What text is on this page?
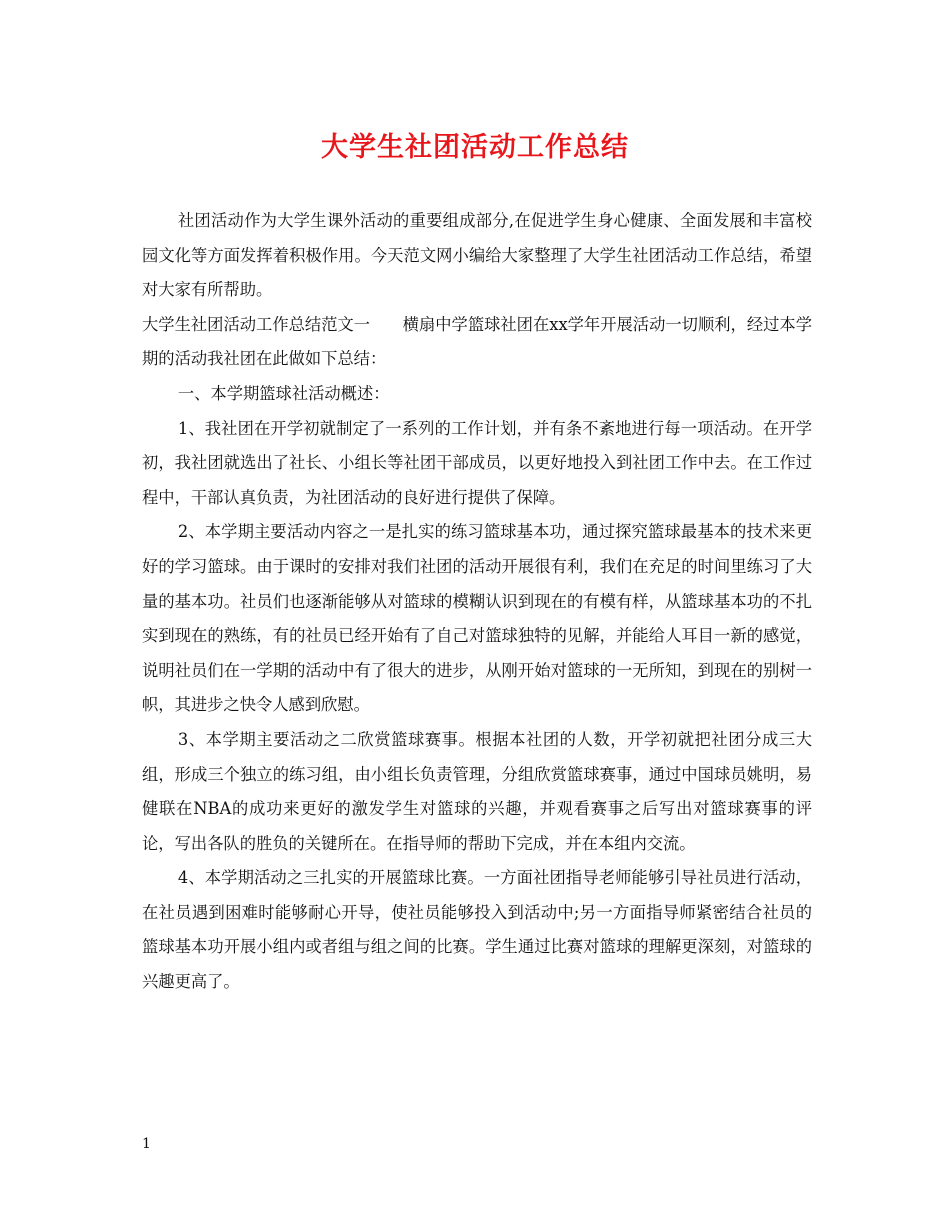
大学生社团活动工作总结

社团活动作为大学生课外活动的重要组成部分,在促进学生身心健康、全面发展和丰富校园文化等方面发挥着积极作用。今天范文网小编给大家整理了大学生社团活动工作总结，希望对大家有所帮助。

大学生社团活动工作总结范文一　　横扇中学篮球社团在xx学年开展活动一切顺利，经过本学期的活动我社团在此做如下总结：

一、本学期篮球社活动概述：

1、我社团在开学初就制定了一系列的工作计划，并有条不紊地进行每一项活动。在开学初，我社团就选出了社长、小组长等社团干部成员，以更好地投入到社团工作中去。在工作过程中，干部认真负责，为社团活动的良好进行提供了保障。

2、本学期主要活动内容之一是扎实的练习篮球基本功，通过探究篮球最基本的技术来更好的学习篮球。由于课时的安排对我们社团的活动开展很有利，我们在充足的时间里练习了大量的基本功。社员们也逐渐能够从对篮球的模糊认识到现在的有模有样，从篮球基本功的不扎实到现在的熟练，有的社员已经开始有了自己对篮球独特的见解，并能给人耳目一新的感觉，说明社员们在一学期的活动中有了很大的进步，从刚开始对篮球的一无所知，到现在的别树一帜，其进步之快令人感到欣慰。

3、本学期主要活动之二欣赏篮球赛事。根据本社团的人数，开学初就把社团分成三大组，形成三个独立的练习组，由小组长负责管理，分组欣赏篮球赛事，通过中国球员姚明，易健联在NBA的成功来更好的激发学生对篮球的兴趣，并观看赛事之后写出对篮球赛事的评论，写出各队的胜负的关键所在。在指导师的帮助下完成，并在本组内交流。

4、本学期活动之三扎实的开展篮球比赛。一方面社团指导老师能够引导社员进行活动，在社员遇到困难时能够耐心开导，使社员能够投入到活动中;另一方面指导师紧密结合社员的篮球基本功开展小组内或者组与组之间的比赛。学生通过比赛对篮球的理解更深刻，对篮球的兴趣更高了。

1
